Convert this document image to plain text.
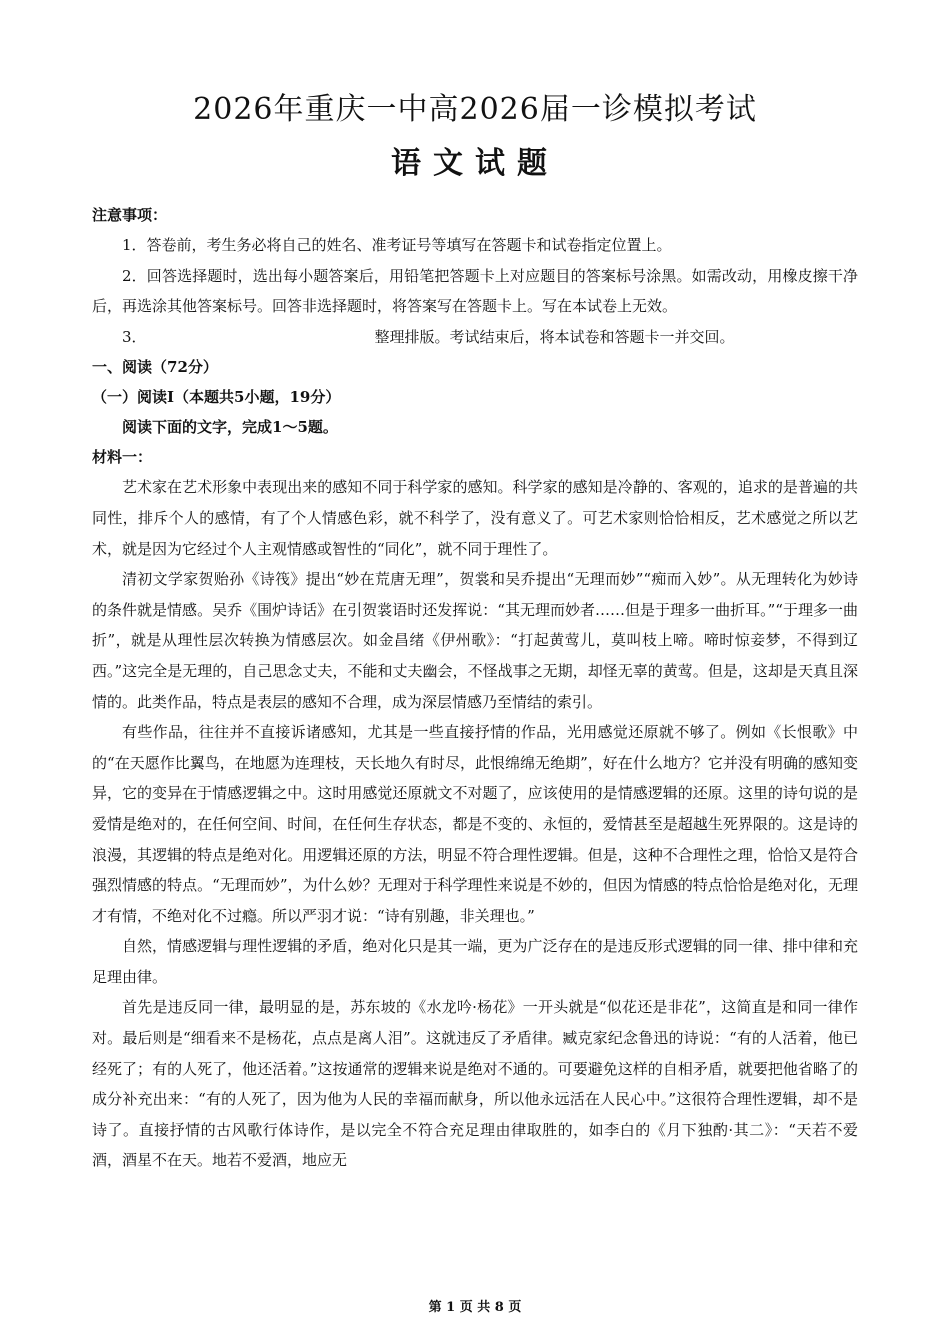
2026年重庆一中高2026届一诊模拟考试
语文试题

注意事项：

1．答卷前，考生务必将自己的姓名、准考证号等填写在答题卡和试卷指定位置上。

2．回答选择题时，选出每小题答案后，用铅笔把答题卡上对应题目的答案标号涂黑。如需改动，用橡皮擦干净后，再选涂其他答案标号。回答非选择题时，将答案写在答题卡上。写在本试卷上无效。

3．	整理排版。考试结束后，将本试卷和答题卡一并交回。

一、阅读（72分）

（一）阅读Ⅰ（本题共5小题，19分）

阅读下面的文字，完成1～5题。

材料一：

艺术家在艺术形象中表现出来的感知不同于科学家的感知。科学家的感知是冷静的、客观的，追求的是普遍的共同性，排斥个人的感情，有了个人情感色彩，就不科学了，没有意义了。可艺术家则恰恰相反，艺术感觉之所以艺术，就是因为它经过个人主观情感或智性的“同化”，就不同于理性了。

清初文学家贺贻孙《诗筏》提出“妙在荒唐无理”，贺裳和吴乔提出“无理而妙”“痴而入妙”。从无理转化为妙诗的条件就是情感。吴乔《围炉诗话》在引贺裳语时还发挥说：“其无理而妙者……但是于理多一曲折耳。”“于理多一曲折”，就是从理性层次转换为情感层次。如金昌绪《伊州歌》：“打起黄莺儿，莫叫枝上啼。啼时惊妾梦，不得到辽西。”这完全是无理的，自己思念丈夫，不能和丈夫幽会，不怪战事之无期，却怪无辜的黄莺。但是，这却是天真且深情的。此类作品，特点是表层的感知不合理，成为深层情感乃至情结的索引。

有些作品，往往并不直接诉诸感知，尤其是一些直接抒情的作品，光用感觉还原就不够了。例如《长恨歌》中的“在天愿作比翼鸟，在地愿为连理枝，天长地久有时尽，此恨绵绵无绝期”，好在什么地方？它并没有明确的感知变异，它的变异在于情感逻辑之中。这时用感觉还原就文不对题了，应该使用的是情感逻辑的还原。这里的诗句说的是爱情是绝对的，在任何空间、时间，在任何生存状态，都是不变的、永恒的，爱情甚至是超越生死界限的。这是诗的浪漫，其逻辑的特点是绝对化。用逻辑还原的方法，明显不符合理性逻辑。但是，这种不合理性之理，恰恰又是符合强烈情感的特点。“无理而妙”，为什么妙？无理对于科学理性来说是不妙的，但因为情感的特点恰恰是绝对化，无理才有情，不绝对化不过瘾。所以严羽才说：“诗有别趣，非关理也。”

自然，情感逻辑与理性逻辑的矛盾，绝对化只是其一端，更为广泛存在的是违反形式逻辑的同一律、排中律和充足理由律。

首先是违反同一律，最明显的是，苏东坡的《水龙吟·杨花》一开头就是“似花还是非花”，这简直是和同一律作对。最后则是“细看来不是杨花，点点是离人泪”。这就违反了矛盾律。臧克家纪念鲁迅的诗说：“有的人活着，他已经死了；有的人死了，他还活着。”这按通常的逻辑来说是绝对不通的。可要避免这样的自相矛盾，就要把他省略了的成分补充出来：“有的人死了，因为他为人民的幸福而献身，所以他永远活在人民心中。”这很符合理性逻辑，却不是诗了。直接抒情的古风歌行体诗作，是以完全不符合充足理由律取胜的，如李白的《月下独酌·其二》：“天若不爱酒，酒星不在天。地若不爱酒，地应无

第 1 页 共 8 页
